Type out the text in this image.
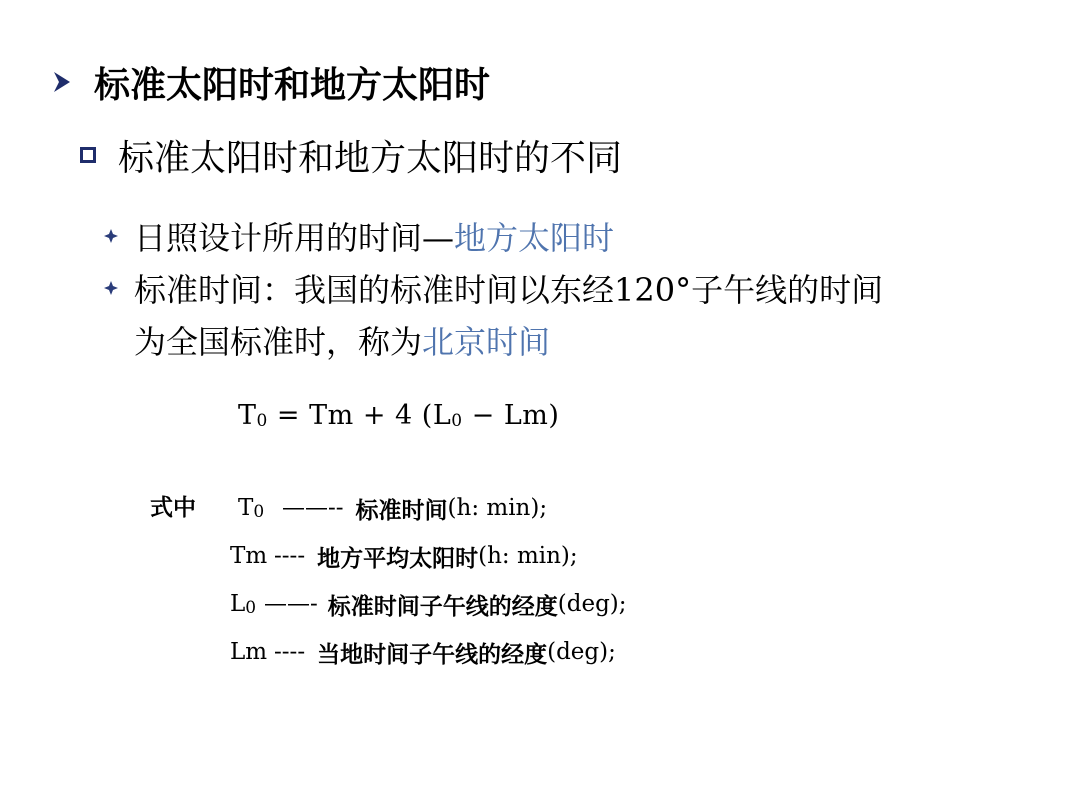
标准太阳时和地方太阳时
标准太阳时和地方太阳时的不同
日照设计所用的时间—地方太阳时
标准时间：我国的标准时间以东经120°子午线的时间
为全国标准时，称为北京时间
T0 = Tm + 4 (L0 − Lm)
式中 T0 ——-- 标准时间 (h: min);
Tm ---- 地方平均太阳时 (h: min);
L0 ——- 标准时间子午线的经度 (deg);
Lm ---- 当地时间子午线的经度 (deg);
